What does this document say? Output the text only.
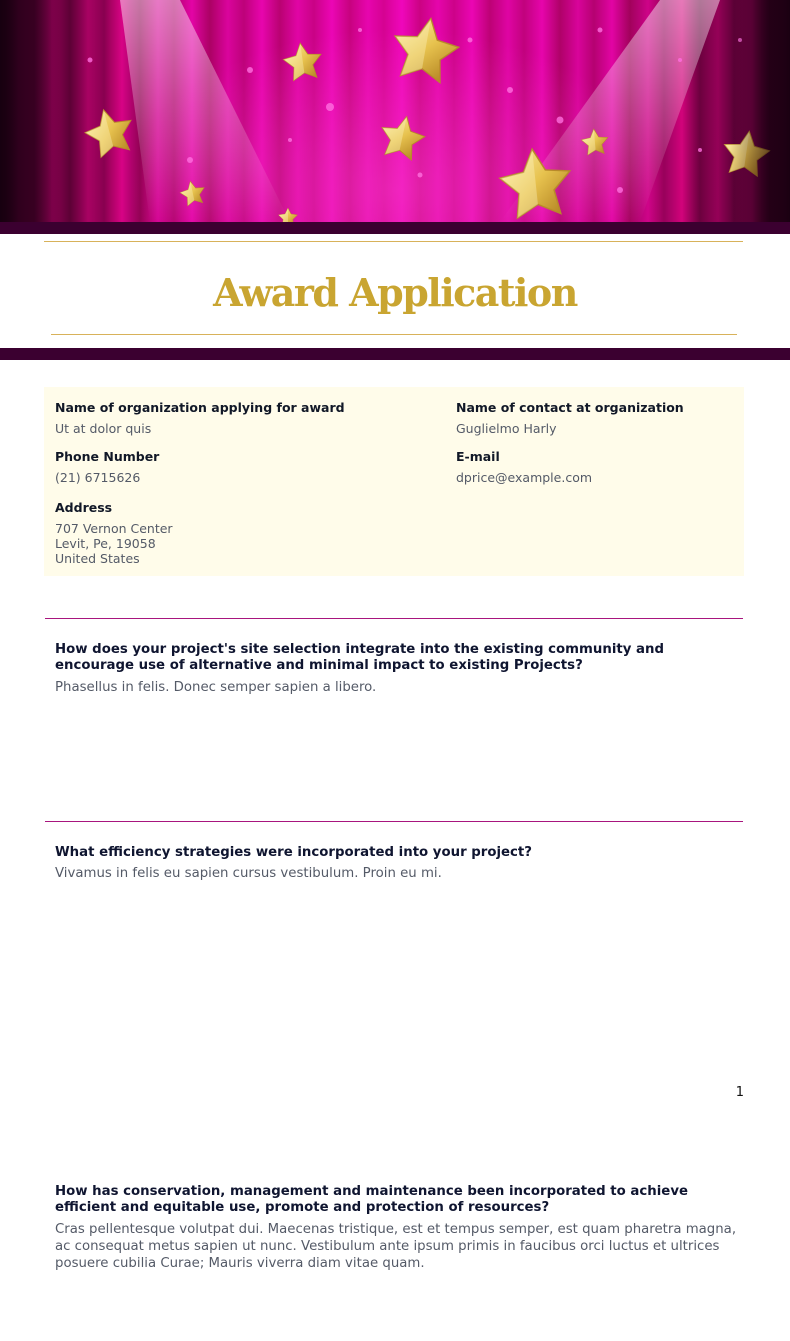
Award Application
Name of organization applying for award
Ut at dolor quis
Name of contact at organization
Guglielmo Harly
Phone Number
(21) 6715626
E-mail
dprice@example.com
Address
707 Vernon Center
Levit, Pe, 19058
United States
How does your project's site selection integrate into the existing community and encourage use of alternative and minimal impact to existing Projects?
Phasellus in felis. Donec semper sapien a libero.
What efficiency strategies were incorporated into your project?
Vivamus in felis eu sapien cursus vestibulum. Proin eu mi.
1
How has conservation, management and maintenance been incorporated to achieve efficient and equitable use, promote and protection of resources?
Cras pellentesque volutpat dui. Maecenas tristique, est et tempus semper, est quam pharetra magna, ac consequat metus sapien ut nunc. Vestibulum ante ipsum primis in faucibus orci luctus et ultrices posuere cubilia Curae; Mauris viverra diam vitae quam.
